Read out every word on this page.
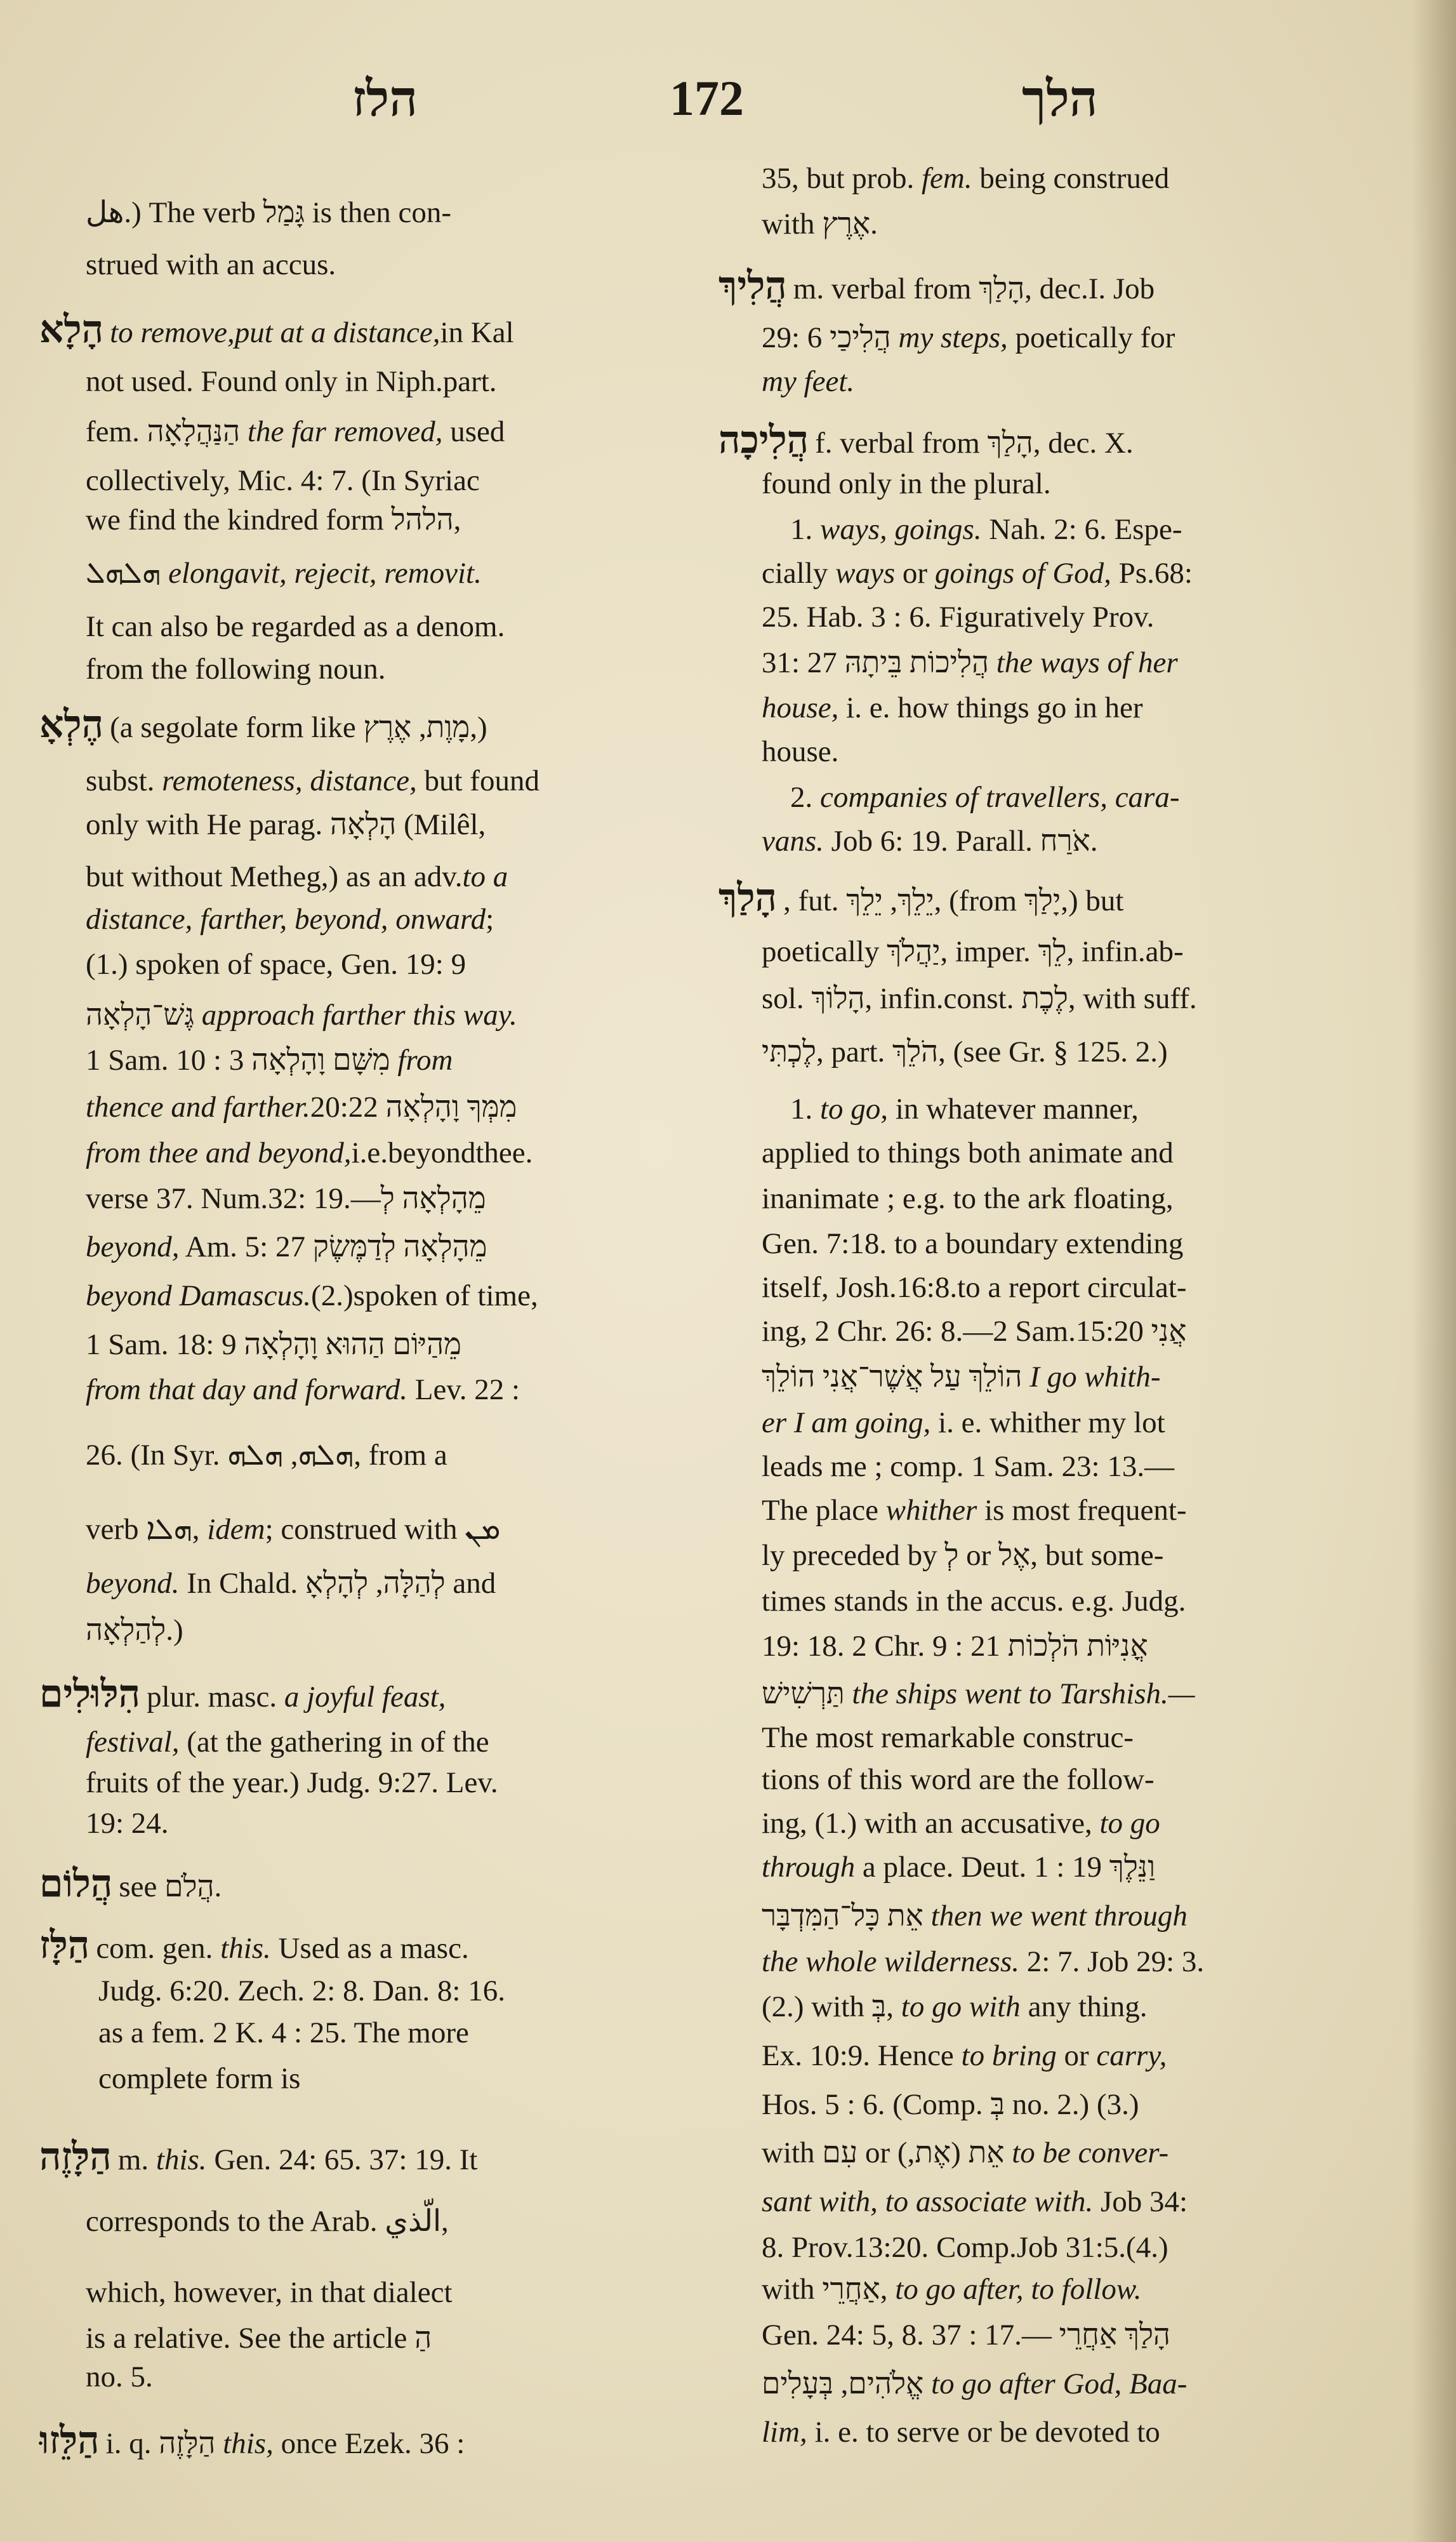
הלז	172	הלך
ﻫﻞ.) The verb גָּמַל is then con-
strued with an accus.
הָלָא to remove,put at a distance,in Kal
not used. Found only in Niph.part.
fem. הַנַּהֲלָאָה the far removed, used
collectively, Mic. 4: 7. (In Syriac
we find the kindred form הלהל,
ܗܠܗܠ elongavit, rejecit, removit.
It can also be regarded as a denom.
from the following noun.
הֶלְאָ (a segolate form like מָוֶת, אֶרֶץ,)
subst. remoteness, distance, but found
only with He parag. הָלְאָה (Milêl,
but without Metheg,) as an adv.to a
distance, farther, beyond, onward;
(1.) spoken of space, Gen. 19: 9
גֶּשׁ־הָלְאָה approach farther this way.
1 Sam. 10 : 3 מִשָּׁם וָהָלְאָה from
thence and farther.20:22 מִמְּךָ וָהָלְאָה
from thee and beyond,i.e.beyondthee.
verse 37. Num.32: 19.—מֵהָלְאָה לְ
beyond, Am. 5: 27 מֵהָלְאָה לְדַמֶּשֶׂק
beyond Damascus.(2.)spoken of time,
1 Sam. 18: 9 מֵהַיּוֹם הַהוּא וָהָלְאָה
from that day and forward. Lev. 22 :
26. (In Syr. ܗܠܗ, ܗܠܗ, from a
verb ܗܠܐ, idem; construed with ܡܢ
beyond. In Chald. לְהַלָּה, לְהָלְאָ and
לְהַלְאָה.)
הִלּוּלִים plur. masc. a joyful feast,
festival, (at the gathering in of the
fruits of the year.) Judg. 9:27. Lev.
19: 24.
הֲלוֹם see הֲלֹם.
הַלָּז com. gen. this. Used as a masc.
Judg. 6:20. Zech. 2: 8. Dan. 8: 16.
as a fem. 2 K. 4 : 25. The more
complete form is
הַלָּזֶה m. this. Gen. 24: 65. 37: 19. It
corresponds to the Arab. ﺍﻟّﺬﻱ,
which, however, in that dialect
is a relative. See the article הַ
no. 5.
הַלֵּזוּ i. q. הַלָּזֶה this, once Ezek. 36 :
35, but prob. fem. being construed
with אֶרֶץ.
הֲלִיךְ m. verbal from הָלַךְ, dec.I. Job
29: 6 הֲלִיכַי my steps, poetically for
my feet.
הֲלִיכָה f. verbal from הָלַךְ, dec. X.
found only in the plural.
1. ways, goings. Nah. 2: 6. Espe-
cially ways or goings of God, Ps.68:
25. Hab. 3 : 6. Figuratively Prov.
31: 27 הֲלִיכוֹת בֵּיתָהּ the ways of her
house, i. e. how things go in her
house.
2. companies of travellers, cara-
vans. Job 6: 19. Parall. אֹרַח.
הָלַךְ , fut. יֵלֵךְ, יֵלֵךְ, (from יָלַךְ,) but
poetically יַהֲלֹךְ, imper. לֵךְ, infin.ab-
sol. הָלוֹךְ, infin.const. לֶכֶת, with suff.
לֶכְתִּי, part. הֹלֵךְ, (see Gr. § 125. 2.)
1. to go, in whatever manner,
applied to things both animate and
inanimate ; e.g. to the ark floating,
Gen. 7:18. to a boundary extending
itself, Josh.16:8.to a report circulat-
ing, 2 Chr. 26: 8.—2 Sam.15:20 אֲנִי
הוֹלֵךְ עַל אֲשֶׁר־אֲנִי הוֹלֵךְ I go whith-
er I am going, i. e. whither my lot
leads me ; comp. 1 Sam. 23: 13.—
The place whither is most frequent-
ly preceded by לְ or אֶל, but some-
times stands in the accus. e.g. Judg.
19: 18. 2 Chr. 9 : 21 אֳנִיּוֹת הֹלְכוֹת
תַּרְשִׁישׁ the ships went to Tarshish.—
The most remarkable construc-
tions of this word are the follow-
ing, (1.) with an accusative, to go
through a place. Deut. 1 : 19 וַנֵּלֶךְ
אֵת כָּל־הַמִּדְבָּר then we went through
the whole wilderness. 2: 7. Job 29: 3.
(2.) with בְּ, to go with any thing.
Ex. 10:9. Hence to bring or carry,
Hos. 5 : 6. (Comp. בְּ no. 2.) (3.)
with עִם or אֵת (אֶת,) to be conver-
sant with, to associate with. Job 34:
8. Prov.13:20. Comp.Job 31:5.(4.)
with אַחֲרֵי, to go after, to follow.
Gen. 24: 5, 8. 37 : 17.— הָלַךְ אַחֲרֵי
אֱלֹהִים, בְּעָלִים to go after God, Baa-
lim, i. e. to serve or be devoted to
